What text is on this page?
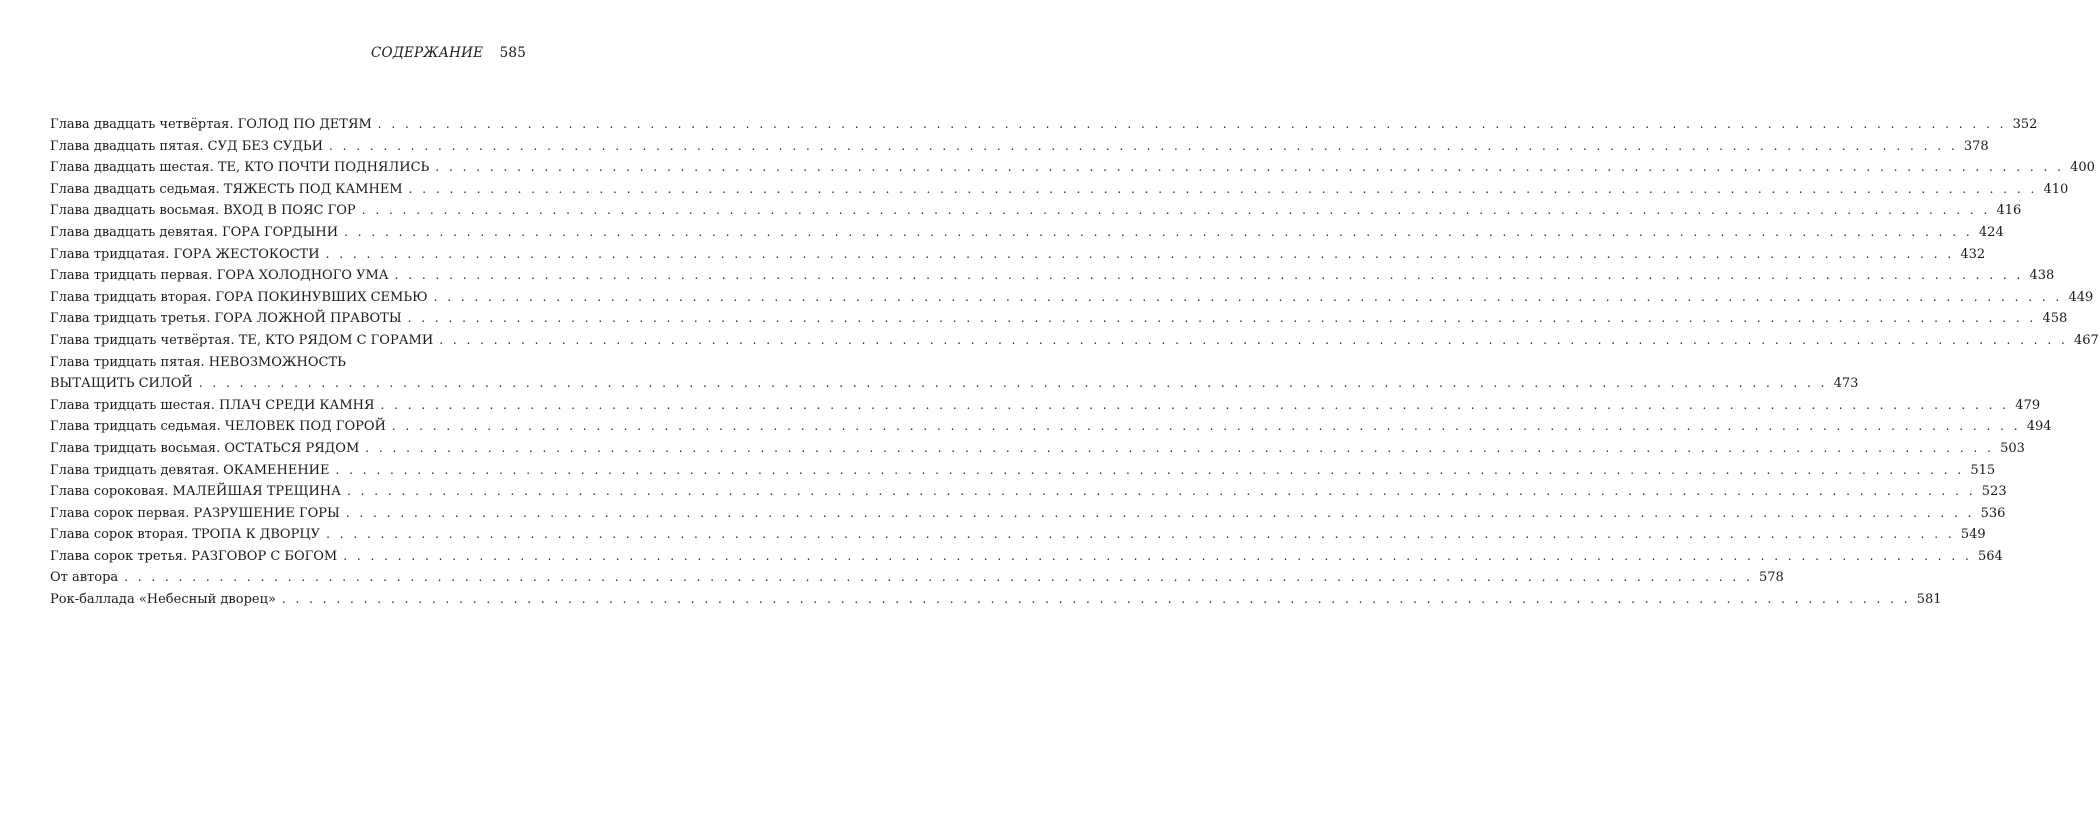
СОДЕРЖАНИЕ 585
Глава двадцать четвёртая. ГОЛОД ПО ДЕТЯМ . . . . . . . . . . . . . . . . . . . . . . . . . . . . . . . . . . . . . . . . . . . . . . . . . . . . . . . . . . . . . . . . . . . . . . . . . . . . . . . . . . . . . . . . . . . . . . . . . . . . . . . . . . . . . . . . . . . . . . . . 352
Глава двадцать пятая. СУД БЕЗ СУДЬИ . . . . . . . . . . . . . . . . . . . . . . . . . . . . . . . . . . . . . . . . . . . . . . . . . . . . . . . . . . . . . . . . . . . . . . . . . . . . . . . . . . . . . . . . . . . . . . . . . . . . . . . . . . . . . . . . . . . . . . . . 378
Глава двадцать шестая. ТЕ, КТО ПОЧТИ ПОДНЯЛИСЬ . . . . . . . . . . . . . . . . . . . . . . . . . . . . . . . . . . . . . . . . . . . . . . . . . . . . . . . . . . . . . . . . . . . . . . . . . . . . . . . . . . . . . . . . . . . . . . . . . . . . . . . . . . . . . . . . . . . . . . . . 400
Глава двадцать седьмая. ТЯЖЕСТЬ ПОД КАМНЕМ . . . . . . . . . . . . . . . . . . . . . . . . . . . . . . . . . . . . . . . . . . . . . . . . . . . . . . . . . . . . . . . . . . . . . . . . . . . . . . . . . . . . . . . . . . . . . . . . . . . . . . . . . . . . . . . . . . . . . . . . 410
Глава двадцать восьмая. ВХОД В ПОЯС ГОР . . . . . . . . . . . . . . . . . . . . . . . . . . . . . . . . . . . . . . . . . . . . . . . . . . . . . . . . . . . . . . . . . . . . . . . . . . . . . . . . . . . . . . . . . . . . . . . . . . . . . . . . . . . . . . . . . . . . . . . . 416
Глава двадцать девятая. ГОРА ГОРДЫНИ . . . . . . . . . . . . . . . . . . . . . . . . . . . . . . . . . . . . . . . . . . . . . . . . . . . . . . . . . . . . . . . . . . . . . . . . . . . . . . . . . . . . . . . . . . . . . . . . . . . . . . . . . . . . . . . . . . . . . . . . 424
Глава тридцатая. ГОРА ЖЕСТОКОСТИ . . . . . . . . . . . . . . . . . . . . . . . . . . . . . . . . . . . . . . . . . . . . . . . . . . . . . . . . . . . . . . . . . . . . . . . . . . . . . . . . . . . . . . . . . . . . . . . . . . . . . . . . . . . . . . . . . . . . . . . . 432
Глава тридцать первая. ГОРА ХОЛОДНОГО УМА . . . . . . . . . . . . . . . . . . . . . . . . . . . . . . . . . . . . . . . . . . . . . . . . . . . . . . . . . . . . . . . . . . . . . . . . . . . . . . . . . . . . . . . . . . . . . . . . . . . . . . . . . . . . . . . . . . . . . . . . 438
Глава тридцать вторая. ГОРА ПОКИНУВШИХ СЕМЬЮ . . . . . . . . . . . . . . . . . . . . . . . . . . . . . . . . . . . . . . . . . . . . . . . . . . . . . . . . . . . . . . . . . . . . . . . . . . . . . . . . . . . . . . . . . . . . . . . . . . . . . . . . . . . . . . . . . . . . . . . . 449
Глава тридцать третья. ГОРА ЛОЖНОЙ ПРАВОТЫ . . . . . . . . . . . . . . . . . . . . . . . . . . . . . . . . . . . . . . . . . . . . . . . . . . . . . . . . . . . . . . . . . . . . . . . . . . . . . . . . . . . . . . . . . . . . . . . . . . . . . . . . . . . . . . . . . . . . . . . . 458
Глава тридцать четвёртая. ТЕ, КТО РЯДОМ С ГОРАМИ . . . . . . . . . . . . . . . . . . . . . . . . . . . . . . . . . . . . . . . . . . . . . . . . . . . . . . . . . . . . . . . . . . . . . . . . . . . . . . . . . . . . . . . . . . . . . . . . . . . . . . . . . . . . . . . . . . . . . . . . 467
Глава тридцать пятая. НЕВОЗМОЖНОСТЬ
ВЫТАЩИТЬ СИЛОЙ . . . . . . . . . . . . . . . . . . . . . . . . . . . . . . . . . . . . . . . . . . . . . . . . . . . . . . . . . . . . . . . . . . . . . . . . . . . . . . . . . . . . . . . . . . . . . . . . . . . . . . . . . . . . . . . . . . . . . . . . 473
Глава тридцать шестая. ПЛАЧ СРЕДИ КАМНЯ . . . . . . . . . . . . . . . . . . . . . . . . . . . . . . . . . . . . . . . . . . . . . . . . . . . . . . . . . . . . . . . . . . . . . . . . . . . . . . . . . . . . . . . . . . . . . . . . . . . . . . . . . . . . . . . . . . . . . . . . 479
Глава тридцать седьмая. ЧЕЛОВЕК ПОД ГОРОЙ . . . . . . . . . . . . . . . . . . . . . . . . . . . . . . . . . . . . . . . . . . . . . . . . . . . . . . . . . . . . . . . . . . . . . . . . . . . . . . . . . . . . . . . . . . . . . . . . . . . . . . . . . . . . . . . . . . . . . . . . 494
Глава тридцать восьмая. ОСТАТЬСЯ РЯДОМ . . . . . . . . . . . . . . . . . . . . . . . . . . . . . . . . . . . . . . . . . . . . . . . . . . . . . . . . . . . . . . . . . . . . . . . . . . . . . . . . . . . . . . . . . . . . . . . . . . . . . . . . . . . . . . . . . . . . . . . . 503
Глава тридцать девятая. ОКАМЕНЕНИЕ . . . . . . . . . . . . . . . . . . . . . . . . . . . . . . . . . . . . . . . . . . . . . . . . . . . . . . . . . . . . . . . . . . . . . . . . . . . . . . . . . . . . . . . . . . . . . . . . . . . . . . . . . . . . . . . . . . . . . . . . 515
Глава сороковая. МАЛЕЙШАЯ ТРЕЩИНА . . . . . . . . . . . . . . . . . . . . . . . . . . . . . . . . . . . . . . . . . . . . . . . . . . . . . . . . . . . . . . . . . . . . . . . . . . . . . . . . . . . . . . . . . . . . . . . . . . . . . . . . . . . . . . . . . . . . . . . . 523
Глава сорок первая. РАЗРУШЕНИЕ ГОРЫ . . . . . . . . . . . . . . . . . . . . . . . . . . . . . . . . . . . . . . . . . . . . . . . . . . . . . . . . . . . . . . . . . . . . . . . . . . . . . . . . . . . . . . . . . . . . . . . . . . . . . . . . . . . . . . . . . . . . . . . . 536
Глава сорок вторая. ТРОПА К ДВОРЦУ . . . . . . . . . . . . . . . . . . . . . . . . . . . . . . . . . . . . . . . . . . . . . . . . . . . . . . . . . . . . . . . . . . . . . . . . . . . . . . . . . . . . . . . . . . . . . . . . . . . . . . . . . . . . . . . . . . . . . . . . 549
Глава сорок третья. РАЗГОВОР С БОГОМ . . . . . . . . . . . . . . . . . . . . . . . . . . . . . . . . . . . . . . . . . . . . . . . . . . . . . . . . . . . . . . . . . . . . . . . . . . . . . . . . . . . . . . . . . . . . . . . . . . . . . . . . . . . . . . . . . . . . . . . . 564
От автора . . . . . . . . . . . . . . . . . . . . . . . . . . . . . . . . . . . . . . . . . . . . . . . . . . . . . . . . . . . . . . . . . . . . . . . . . . . . . . . . . . . . . . . . . . . . . . . . . . . . . . . . . . . . . . . . . . . . . . . . 578
Рок-баллада «Небесный дворец» . . . . . . . . . . . . . . . . . . . . . . . . . . . . . . . . . . . . . . . . . . . . . . . . . . . . . . . . . . . . . . . . . . . . . . . . . . . . . . . . . . . . . . . . . . . . . . . . . . . . . . . . . . . . . . . . . . . . . . . . 581
